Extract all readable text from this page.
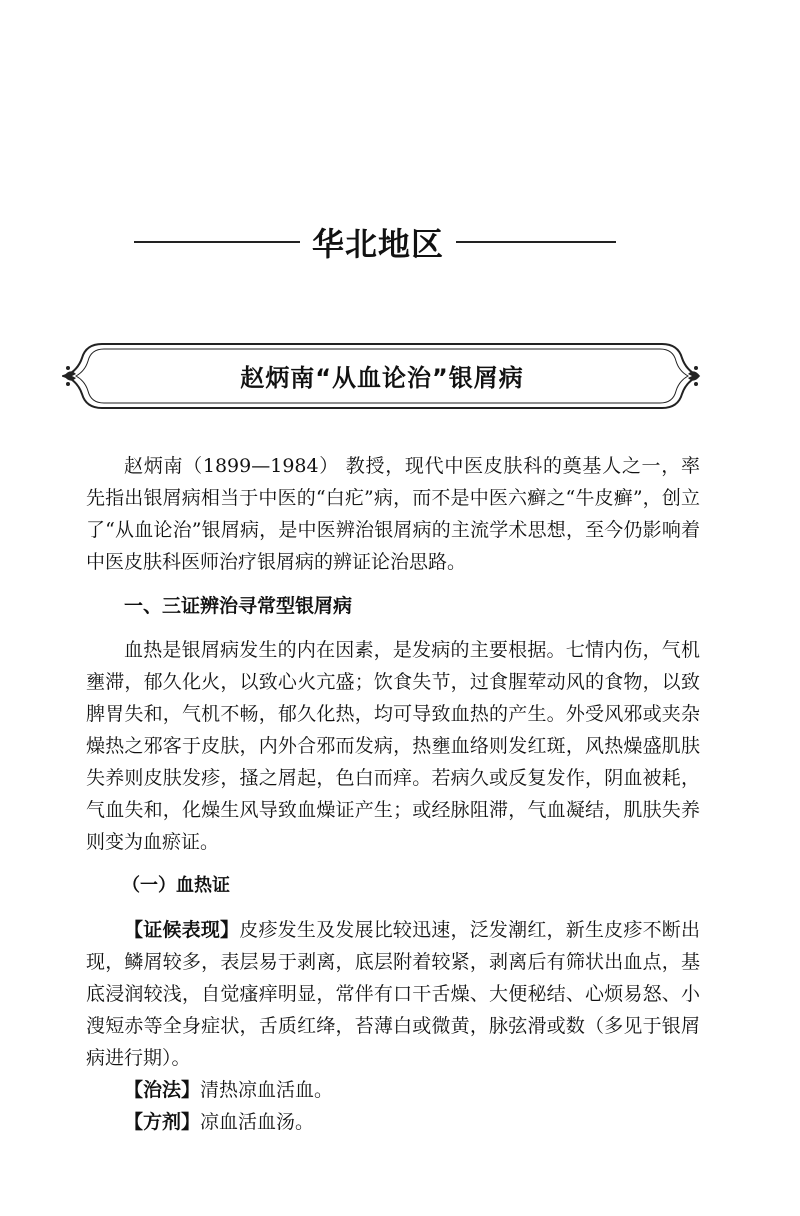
华北地区
赵炳南“从血论治”银屑病

赵炳南（1899—1984） 教授，现代中医皮肤科的奠基人之一，率先指出银屑病相当于中医的“白疕”病，而不是中医六癣之“牛皮癣”，创立了“从血论治”银屑病，是中医辨治银屑病的主流学术思想，至今仍影响着中医皮肤科医师治疗银屑病的辨证论治思路。

一、三证辨治寻常型银屑病

血热是银屑病发生的内在因素，是发病的主要根据。七情内伤，气机壅滞，郁久化火，以致心火亢盛；饮食失节，过食腥荤动风的食物，以致脾胃失和，气机不畅，郁久化热，均可导致血热的产生。外受风邪或夹杂燥热之邪客于皮肤，内外合邪而发病，热壅血络则发红斑，风热燥盛肌肤失养则皮肤发疹，搔之屑起，色白而痒。若病久或反复发作，阴血被耗，气血失和，化燥生风导致血燥证产生；或经脉阻滞，气血凝结，肌肤失养则变为血瘀证。

（一）血热证

【证候表现】皮疹发生及发展比较迅速，泛发潮红，新生皮疹不断出现，鳞屑较多，表层易于剥离，底层附着较紧，剥离后有筛状出血点，基底浸润较浅，自觉瘙痒明显，常伴有口干舌燥、大便秘结、心烦易怒、小溲短赤等全身症状，舌质红绛，苔薄白或微黄，脉弦滑或数（多见于银屑病进行期）。

【治法】清热凉血活血。

【方剂】凉血活血汤。
